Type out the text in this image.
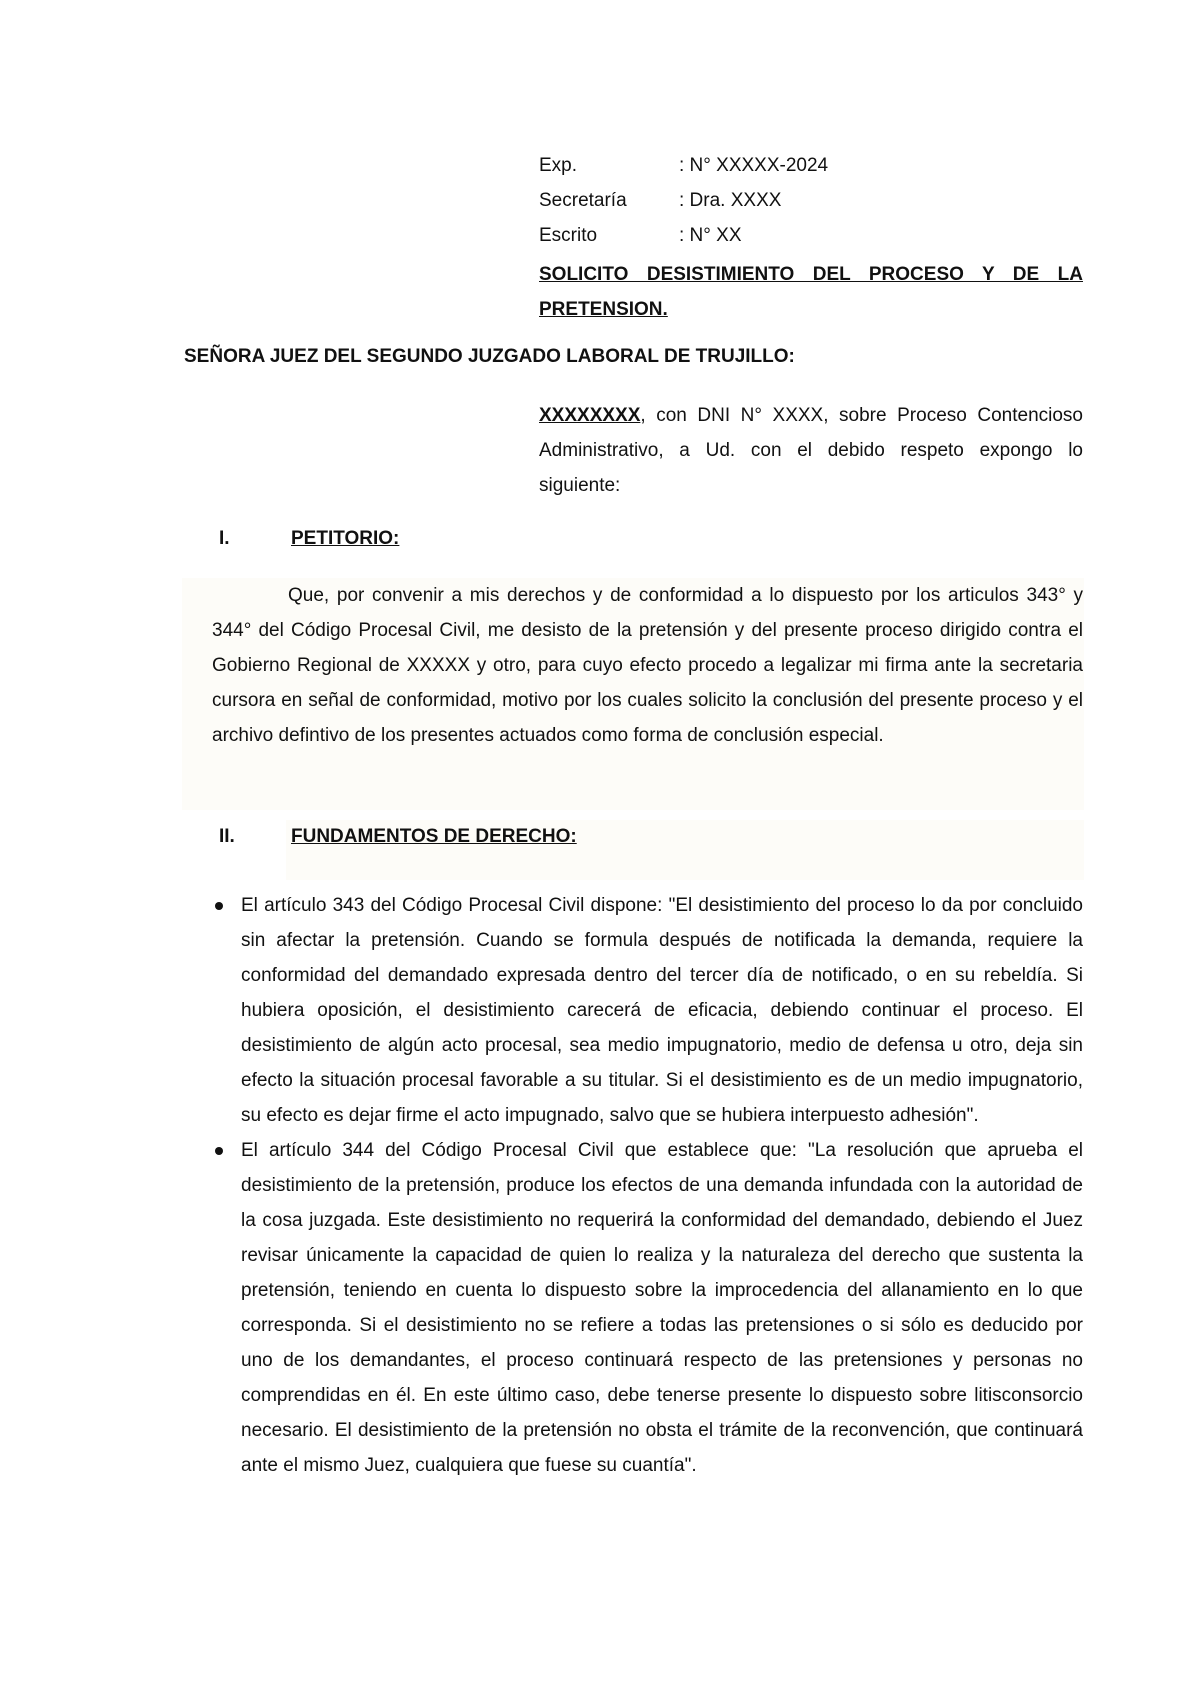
Exp.	: N° XXXXX-2024
Secretaría	: Dra. XXXX
Escrito	: N° XX
SOLICITO DESISTIMIENTO DEL PROCESO Y DE LA PRETENSION.
SEÑORA JUEZ DEL SEGUNDO JUZGADO LABORAL DE TRUJILLO:
XXXXXXXX, con DNI N° XXXX, sobre Proceso Contencioso Administrativo, a Ud. con el debido respeto expongo lo siguiente:
I.	PETITORIO:

Que, por convenir a mis derechos y de conformidad a lo dispuesto por los articulos 343° y 344° del Código Procesal Civil, me desisto de la pretensión y del presente proceso dirigido contra el Gobierno Regional de XXXXX y otro, para cuyo efecto procedo a legalizar mi firma ante la secretaria cursora en señal de conformidad, motivo por los cuales solicito la conclusión del presente proceso y el archivo defintivo de los presentes actuados como forma de conclusión especial.

II.	FUNDAMENTOS DE DERECHO:
El artículo 343 del Código Procesal Civil dispone: "El desistimiento del proceso lo da por concluido sin afectar la pretensión. Cuando se formula después de notificada la demanda, requiere la conformidad del demandado expresada dentro del tercer día de notificado, o en su rebeldía. Si hubiera oposición, el desistimiento carecerá de eficacia, debiendo continuar el proceso. El desistimiento de algún acto procesal, sea medio impugnatorio, medio de defensa u otro, deja sin efecto la situación procesal favorable a su titular. Si el desistimiento es de un medio impugnatorio, su efecto es dejar firme el acto impugnado, salvo que se hubiera interpuesto adhesión".
El artículo 344 del Código Procesal Civil que establece que: "La resolución que aprueba el desistimiento de la pretensión, produce los efectos de una demanda infundada con la autoridad de la cosa juzgada. Este desistimiento no requerirá la conformidad del demandado, debiendo el Juez revisar únicamente la capacidad de quien lo realiza y la naturaleza del derecho que sustenta la pretensión, teniendo en cuenta lo dispuesto sobre la improcedencia del allanamiento en lo que corresponda. Si el desistimiento no se refiere a todas las pretensiones o si sólo es deducido por uno de los demandantes, el proceso continuará respecto de las pretensiones y personas no comprendidas en él. En este último caso, debe tenerse presente lo dispuesto sobre litisconsorcio necesario. El desistimiento de la pretensión no obsta el trámite de la reconvención, que continuará ante el mismo Juez, cualquiera que fuese su cuantía".
